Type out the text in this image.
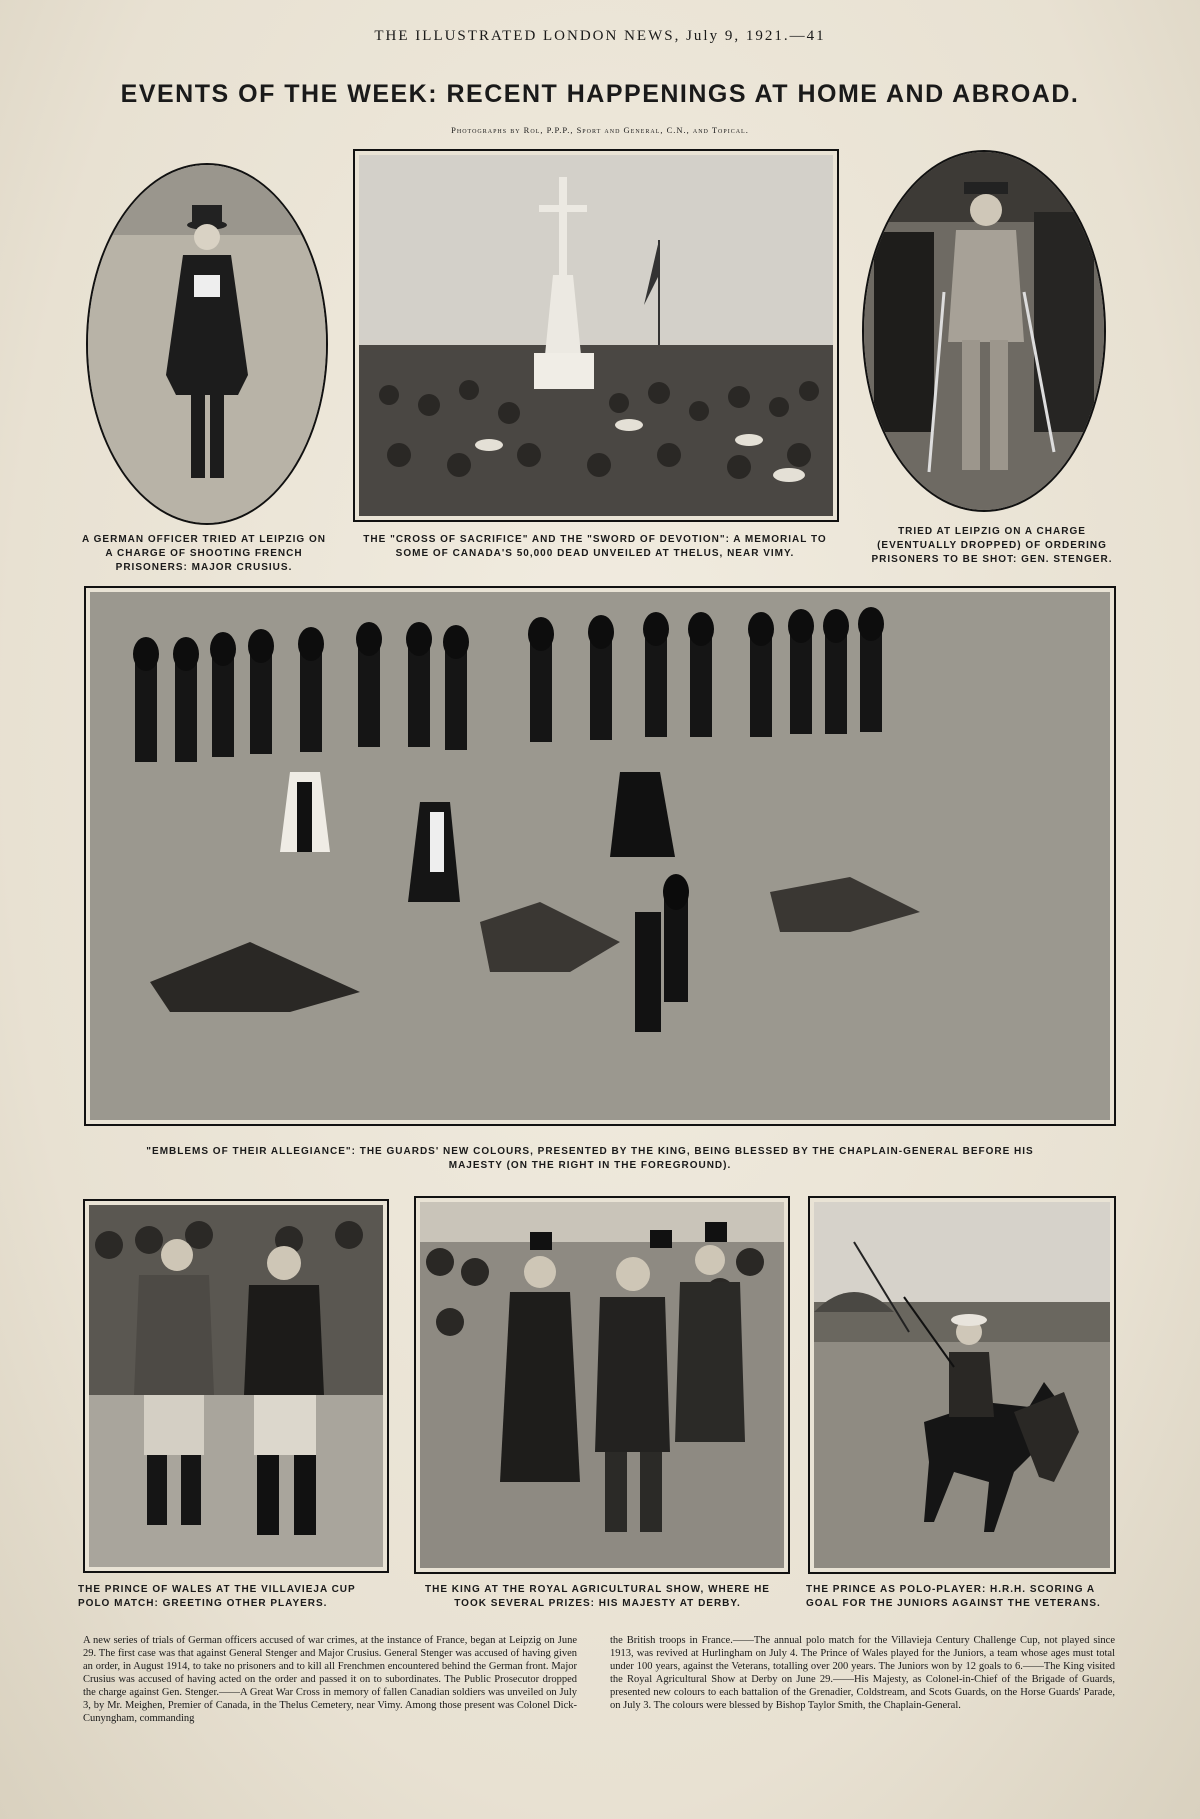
THE ILLUSTRATED LONDON NEWS, July 9, 1921.—41
EVENTS OF THE WEEK: RECENT HAPPENINGS AT HOME AND ABROAD.
Photographs by Rol, P.P.P., Sport and General, C.N., and Topical.
A GERMAN OFFICER TRIED AT LEIPZIG ON A CHARGE OF SHOOTING FRENCH PRISONERS: MAJOR CRUSIUS.
THE "CROSS OF SACRIFICE" AND THE "SWORD OF DEVOTION": A MEMORIAL TO SOME OF CANADA'S 50,000 DEAD UNVEILED AT THELUS, NEAR VIMY.
TRIED AT LEIPZIG ON A CHARGE (EVENTUALLY DROPPED) OF ORDERING PRISONERS TO BE SHOT: GEN. STENGER.
"EMBLEMS OF THEIR ALLEGIANCE": THE GUARDS' NEW COLOURS, PRESENTED BY THE KING, BEING BLESSED BY THE CHAPLAIN-GENERAL BEFORE HIS MAJESTY (ON THE RIGHT IN THE FOREGROUND).
THE PRINCE OF WALES AT THE VILLAVIEJA CUP POLO MATCH: GREETING OTHER PLAYERS.
THE KING AT THE ROYAL AGRICULTURAL SHOW, WHERE HE TOOK SEVERAL PRIZES: HIS MAJESTY AT DERBY.
THE PRINCE AS POLO-PLAYER: H.R.H. SCORING A GOAL FOR THE JUNIORS AGAINST THE VETERANS.
A new series of trials of German officers accused of war crimes, at the instance of France, began at Leipzig on June 29. The first case was that against General Stenger and Major Crusius. General Stenger was accused of having given an order, in August 1914, to take no prisoners and to kill all Frenchmen encountered behind the German front. Major Crusius was accused of having acted on the order and passed it on to subordinates. The Public Prosecutor dropped the charge against Gen. Stenger.——A Great War Cross in memory of fallen Canadian soldiers was unveiled on July 3, by Mr. Meighen, Premier of Canada, in the Thelus Cemetery, near Vimy. Among those present was Colonel Dick-Cunyngham, commanding
the British troops in France.——The annual polo match for the Villavieja Century Challenge Cup, not played since 1913, was revived at Hurlingham on July 4. The Prince of Wales played for the Juniors, a team whose ages must total under 100 years, against the Veterans, totalling over 200 years. The Juniors won by 12 goals to 6.——The King visited the Royal Agricultural Show at Derby on June 29.——His Majesty, as Colonel-in-Chief of the Brigade of Guards, presented new colours to each battalion of the Grenadier, Coldstream, and Scots Guards, on the Horse Guards' Parade, on July 3. The colours were blessed by Bishop Taylor Smith, the Chaplain-General.
